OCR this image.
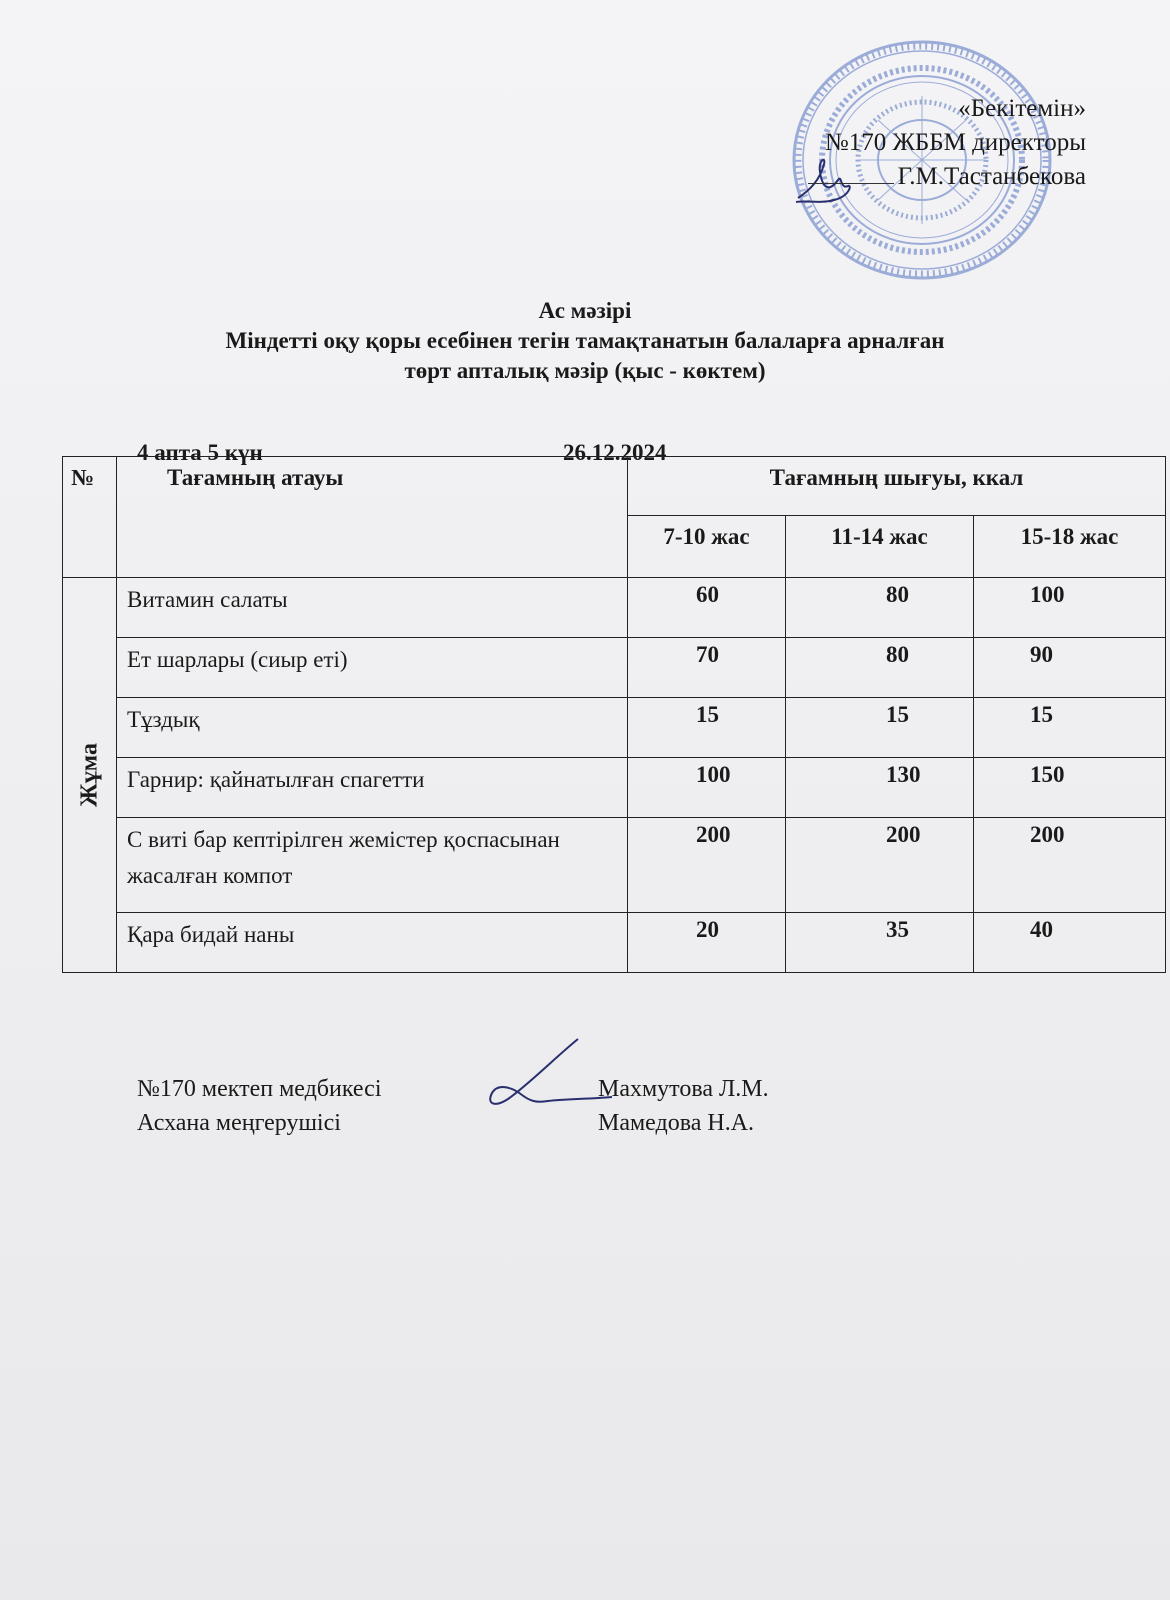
«Бекітемін»
№170 ЖББМ директоры
Г.М.Тастанбекова
Ас мәзірі
Міндетті оқу қоры есебінен тегін тамақтанатын балаларға арналған
төрт апталық мәзір (қыс - көктем)
4 апта 5 күн	26.12.2024
№	Тағамның атауы	Тағамның шығуы, ккал		
		7-10 жас	11-14 жас	15-18 жас

Жұма	Витамин салаты	60	80	100
	Ет шарлары (сиыр еті)	70	80	90
	Тұздық	15	15	15
	Гарнир: қайнатылған спагетти	100	130	150
	С виті бар кептірілген жемістер қоспасынан жасалған компот	200	200	200
	Қара бидай наны	20	35	40
№170 мектеп медбикесі
Асхана меңгерушісі
Махмутова Л.М.
Мамедова Н.А.
